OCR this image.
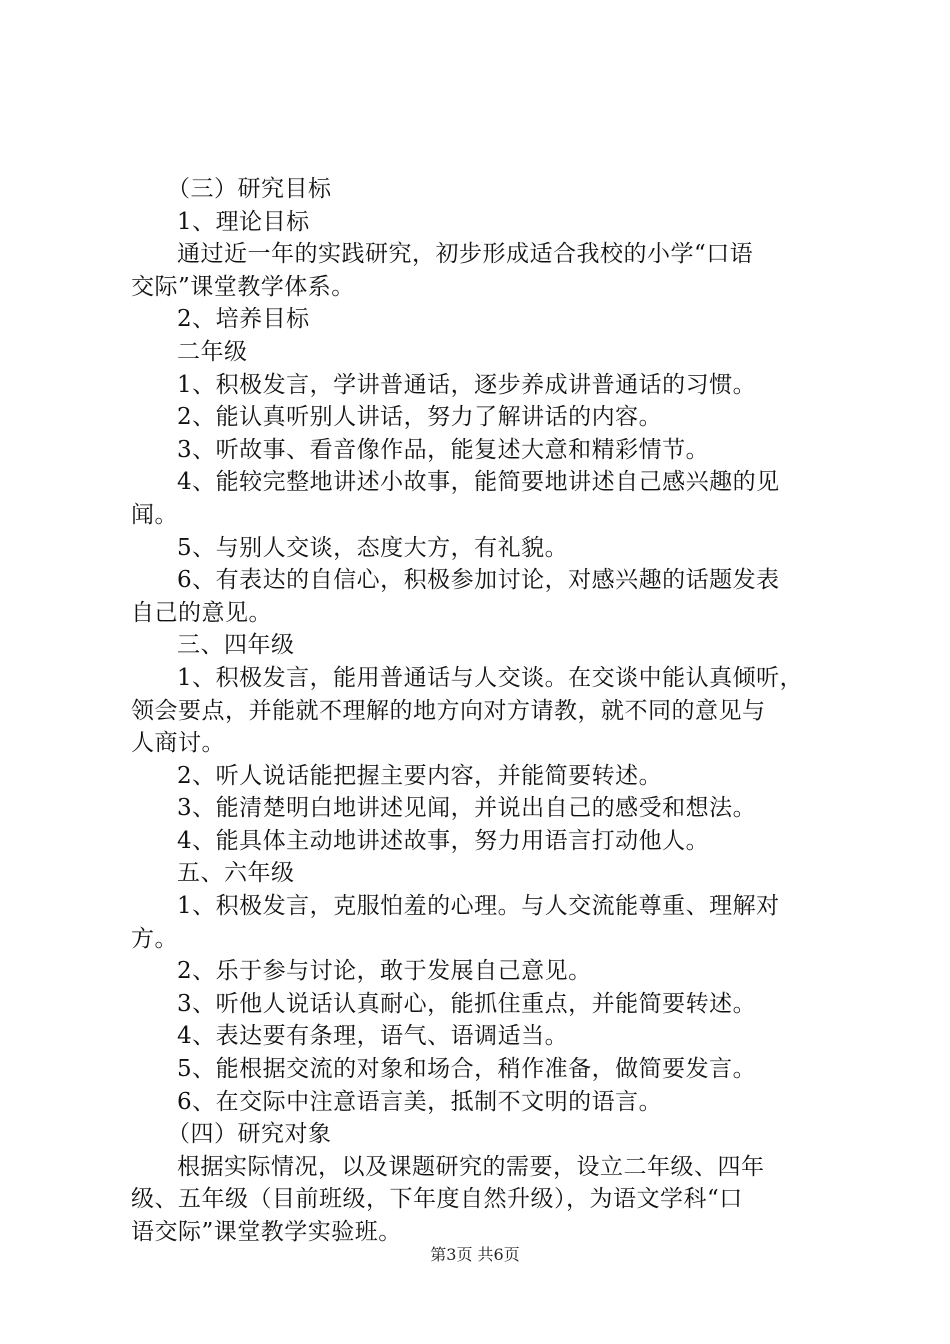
（三）研究目标
1、理论目标
通过近一年的实践研究，初步形成适合我校的小学“口语
交际”课堂教学体系。
2、培养目标
二年级
1、积极发言，学讲普通话，逐步养成讲普通话的习惯。
2、能认真听别人讲话，努力了解讲话的内容。
3、听故事、看音像作品，能复述大意和精彩情节。
4、能较完整地讲述小故事，能简要地讲述自己感兴趣的见
闻。
5、与别人交谈，态度大方，有礼貌。
6、有表达的自信心，积极参加讨论，对感兴趣的话题发表
自己的意见。
三、四年级
1、积极发言，能用普通话与人交谈。在交谈中能认真倾听，
领会要点，并能就不理解的地方向对方请教，就不同的意见与
人商讨。
2、听人说话能把握主要内容，并能简要转述。
3、能清楚明白地讲述见闻，并说出自己的感受和想法。
4、能具体主动地讲述故事，努力用语言打动他人。
五、六年级
1、积极发言，克服怕羞的心理。与人交流能尊重、理解对
方。
2、乐于参与讨论，敢于发展自己意见。
3、听他人说话认真耐心，能抓住重点，并能简要转述。
4、表达要有条理，语气、语调适当。
5、能根据交流的对象和场合，稍作准备，做简要发言。
6、在交际中注意语言美，抵制不文明的语言。
（四）研究对象
根据实际情况，以及课题研究的需要，设立二年级、四年
级、五年级（目前班级，下年度自然升级），为语文学科“口
语交际”课堂教学实验班。
第3页 共6页
